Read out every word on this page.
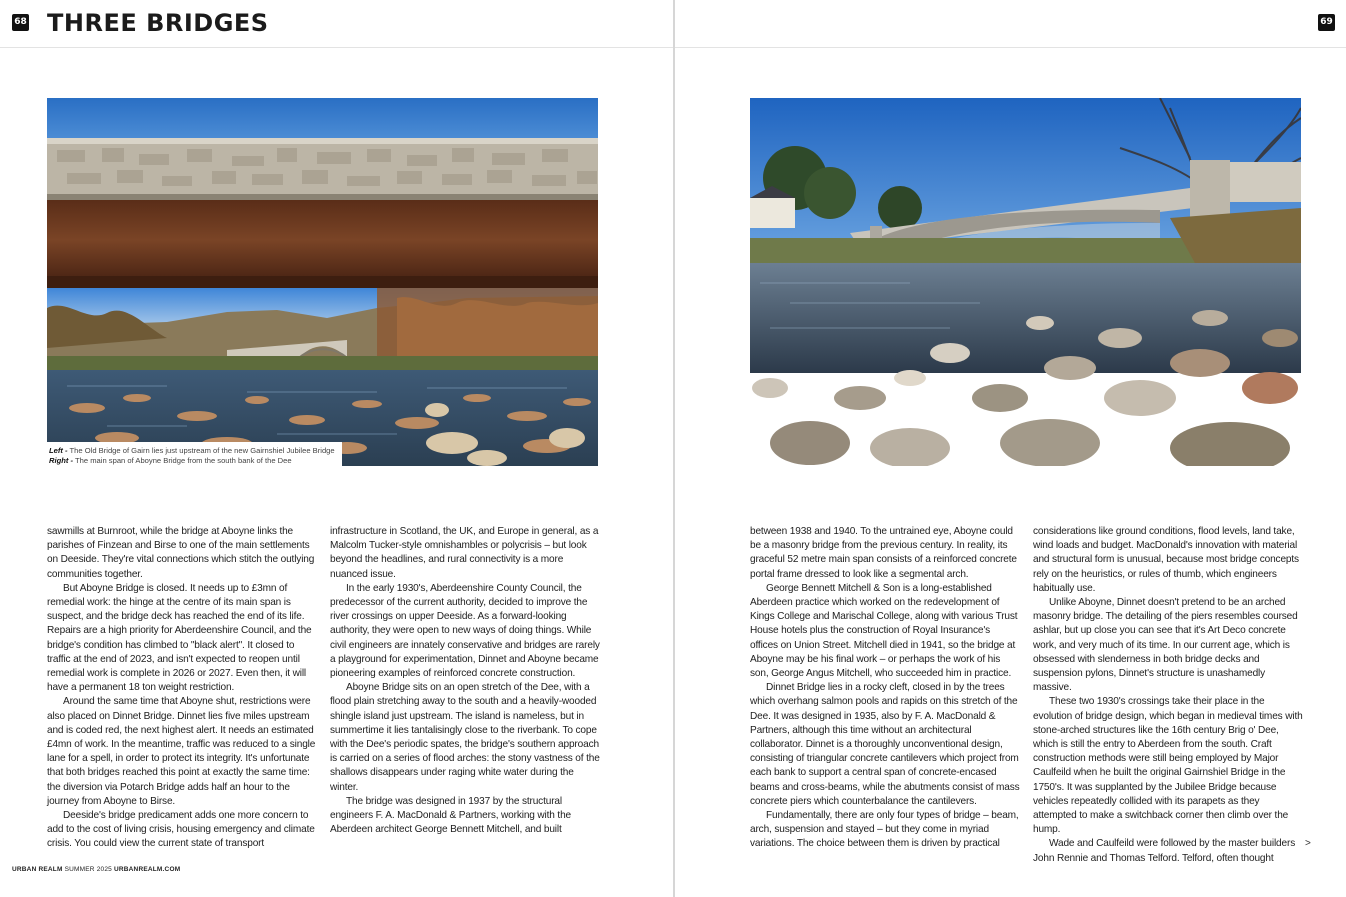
68 THREE BRIDGES
Left - The Old Bridge of Gairn lies just upstream of the new Gairnshiel Jubilee Bridge
Right - The main span of Aboyne Bridge from the south bank of the Dee

sawmills at Burnroot, while the bridge at Aboyne links the parishes of Finzean and Birse to one of the main settlements on Deeside. They're vital connections which stitch the outlying communities together.

But Aboyne Bridge is closed. It needs up to £3mn of remedial work: the hinge at the centre of its main span is suspect, and the bridge deck has reached the end of its life. Repairs are a high priority for Aberdeenshire Council, and the bridge's condition has climbed to "black alert". It closed to traffic at the end of 2023, and isn't expected to reopen until remedial work is complete in 2026 or 2027. Even then, it will have a permanent 18 ton weight restriction.

Around the same time that Aboyne shut, restrictions were also placed on Dinnet Bridge. Dinnet lies five miles upstream and is coded red, the next highest alert. It needs an estimated £4mn of work. In the meantime, traffic was reduced to a single lane for a spell, in order to protect its integrity. It's unfortunate that both bridges reached this point at exactly the same time: the diversion via Potarch Bridge adds half an hour to the journey from Aboyne to Birse.

Deeside's bridge predicament adds one more concern to add to the cost of living crisis, housing emergency and climate crisis. You could view the current state of transport

infrastructure in Scotland, the UK, and Europe in general, as a Malcolm Tucker-style omnishambles or polycrisis – but look beyond the headlines, and rural connectivity is a more nuanced issue.

In the early 1930's, Aberdeenshire County Council, the predecessor of the current authority, decided to improve the river crossings on upper Deeside. As a forward-looking authority, they were open to new ways of doing things. While civil engineers are innately conservative and bridges are rarely a playground for experimentation, Dinnet and Aboyne became pioneering examples of reinforced concrete construction.

Aboyne Bridge sits on an open stretch of the Dee, with a flood plain stretching away to the south and a heavily-wooded shingle island just upstream. The island is nameless, but in summertime it lies tantalisingly close to the riverbank. To cope with the Dee's periodic spates, the bridge's southern approach is carried on a series of flood arches: the stony vastness of the shallows disappears under raging white water during the winter.

The bridge was designed in 1937 by the structural engineers F. A. MacDonald & Partners, working with the Aberdeen architect George Bennett Mitchell, and built

URBAN REALM SUMMER 2025 URBANREALM.COM
69

between 1938 and 1940. To the untrained eye, Aboyne could be a masonry bridge from the previous century. In reality, its graceful 52 metre main span consists of a reinforced concrete portal frame dressed to look like a segmental arch.

George Bennett Mitchell & Son is a long-established Aberdeen practice which worked on the redevelopment of Kings College and Marischal College, along with various Trust House hotels plus the construction of Royal Insurance's offices on Union Street. Mitchell died in 1941, so the bridge at Aboyne may be his final work – or perhaps the work of his son, George Angus Mitchell, who succeeded him in practice.

Dinnet Bridge lies in a rocky cleft, closed in by the trees which overhang salmon pools and rapids on this stretch of the Dee. It was designed in 1935, also by F. A. MacDonald & Partners, although this time without an architectural collaborator. Dinnet is a thoroughly unconventional design, consisting of triangular concrete cantilevers which project from each bank to support a central span of concrete-encased beams and cross-beams, while the abutments consist of mass concrete piers which counterbalance the cantilevers.

Fundamentally, there are only four types of bridge – beam, arch, suspension and stayed – but they come in myriad variations. The choice between them is driven by practical

considerations like ground conditions, flood levels, land take, wind loads and budget. MacDonald's innovation with material and structural form is unusual, because most bridge concepts rely on the heuristics, or rules of thumb, which engineers habitually use.

Unlike Aboyne, Dinnet doesn't pretend to be an arched masonry bridge. The detailing of the piers resembles coursed ashlar, but up close you can see that it's Art Deco concrete work, and very much of its time. In our current age, which is obsessed with slenderness in both bridge decks and suspension pylons, Dinnet's structure is unashamedly massive.

These two 1930's crossings take their place in the evolution of bridge design, which began in medieval times with stone-arched structures like the 16th century Brig o' Dee, which is still the entry to Aberdeen from the south. Craft construction methods were still being employed by Major Caulfeild when he built the original Gairnshiel Bridge in the 1750's. It was supplanted by the Jubilee Bridge because vehicles repeatedly collided with its parapets as they attempted to make a switchback corner then climb over the hump.

Wade and Caulfeild were followed by the master builders John Rennie and Thomas Telford. Telford, often thought

>
